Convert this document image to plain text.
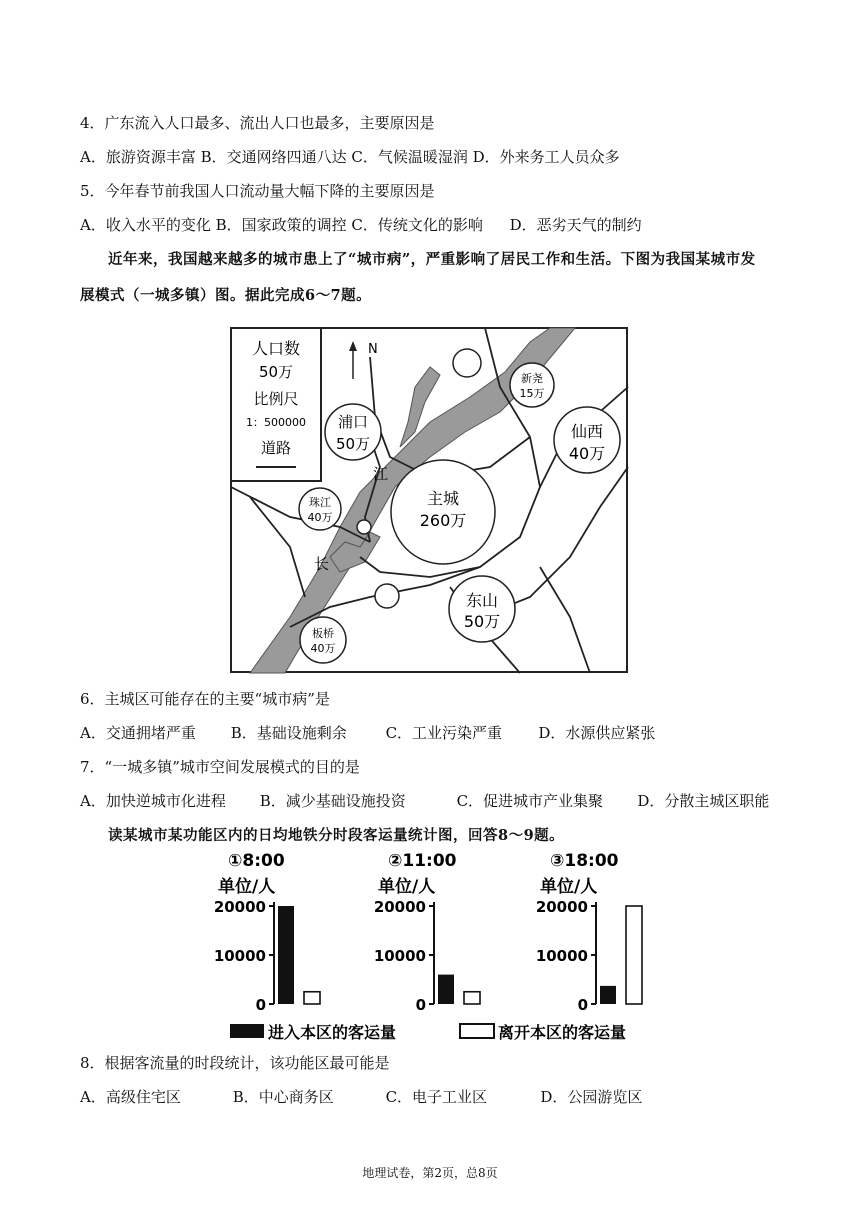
4．广东流入人口最多、流出人口也最多，主要原因是
A．旅游资源丰富 B．交通网络四通八达 C．气候温暖湿润 D．外来务工人员众多
5．今年春节前我国人口流动量大幅下降的主要原因是
A．收入水平的变化 B．国家政策的调控 C．传统文化的影响 D．恶劣天气的制约
近年来，我国越来越多的城市患上了“城市病”，严重影响了居民工作和生活。下图为我国某城市发
展模式（一城多镇）图。据此完成6～7题。
人口数
50万
比例尺
1：500000
道路
N
浦口
50万
新尧
15万
仙西
40万
主城
260万
珠江
40万
东山
50万
板桥
40万
江
长
6．主城区可能存在的主要“城市病”是
A．交通拥堵严重 B．基础设施剩余	C．工业污染严重 D．水源供应紧张
7．“一城多镇”城市空间发展模式的目的是
A．加快逆城市化进程 B．减少基础设施投资	C．促进城市产业集聚 D．分散主城区职能
读某城市某功能区内的日均地铁分时段客运量统计图，回答8～9题。
①8:00
单位/人
0
10000
20000
②11:00
单位/人
0
10000
20000
③18:00
单位/人
0
10000
20000
进入本区的客运量	离开本区的客运量
8．根据客流量的时段统计，该功能区最可能是
A．高级住宅区	B．中心商务区	C．电子工业区	D．公园游览区
地理试卷，第2页，总8页
